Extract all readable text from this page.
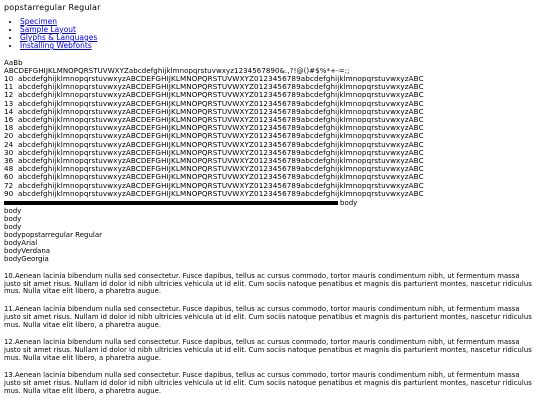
popstarregular Regular
• Specimen
• Sample Layout
• Glyphs & Languages
• Installing Webfonts
AaBb
ABCDEFGHIJKLMNOPQRSTUVWXYZabcdefghijklmnopqrstuvwxyz1234567890&.,?!@()#$%*+-=:;
10 abcdefghijklmnopqrstuvwxyzABCDEFGHIJKLMNOPQRSTUVWXYZ0123456789abcdefghijklmnopqrstuvwxyzABC
11 abcdefghijklmnopqrstuvwxyzABCDEFGHIJKLMNOPQRSTUVWXYZ0123456789abcdefghijklmnopqrstuvwxyzABC
12 abcdefghijklmnopqrstuvwxyzABCDEFGHIJKLMNOPQRSTUVWXYZ0123456789abcdefghijklmnopqrstuvwxyzABC
13 abcdefghijklmnopqrstuvwxyzABCDEFGHIJKLMNOPQRSTUVWXYZ0123456789abcdefghijklmnopqrstuvwxyzABC
14 abcdefghijklmnopqrstuvwxyzABCDEFGHIJKLMNOPQRSTUVWXYZ0123456789abcdefghijklmnopqrstuvwxyzABC
16 abcdefghijklmnopqrstuvwxyzABCDEFGHIJKLMNOPQRSTUVWXYZ0123456789abcdefghijklmnopqrstuvwxyzABC
18 abcdefghijklmnopqrstuvwxyzABCDEFGHIJKLMNOPQRSTUVWXYZ0123456789abcdefghijklmnopqrstuvwxyzABC
20 abcdefghijklmnopqrstuvwxyzABCDEFGHIJKLMNOPQRSTUVWXYZ0123456789abcdefghijklmnopqrstuvwxyzABC
24 abcdefghijklmnopqrstuvwxyzABCDEFGHIJKLMNOPQRSTUVWXYZ0123456789abcdefghijklmnopqrstuvwxyzABC
30 abcdefghijklmnopqrstuvwxyzABCDEFGHIJKLMNOPQRSTUVWXYZ0123456789abcdefghijklmnopqrstuvwxyzABC
36 abcdefghijklmnopqrstuvwxyzABCDEFGHIJKLMNOPQRSTUVWXYZ0123456789abcdefghijklmnopqrstuvwxyzABC
48 abcdefghijklmnopqrstuvwxyzABCDEFGHIJKLMNOPQRSTUVWXYZ0123456789abcdefghijklmnopqrstuvwxyzABC
60 abcdefghijklmnopqrstuvwxyzABCDEFGHIJKLMNOPQRSTUVWXYZ0123456789abcdefghijklmnopqrstuvwxyzABC
72 abcdefghijklmnopqrstuvwxyzABCDEFGHIJKLMNOPQRSTUVWXYZ0123456789abcdefghijklmnopqrstuvwxyzABC
90 abcdefghijklmnopqrstuvwxyzABCDEFGHIJKLMNOPQRSTUVWXYZ0123456789abcdefghijklmnopqrstuvwxyzABC
body
body
body
body
bodypopstarregular Regular
bodyArial
bodyVerdana
bodyGeorgia
10.Aenean lacinia bibendum nulla sed consectetur. Fusce dapibus, tellus ac cursus commodo, tortor mauris condimentum nibh, ut fermentum massa justo sit amet risus. Nullam id dolor id nibh ultricies vehicula ut id elit. Cum sociis natoque penatibus et magnis dis parturient montes, nascetur ridiculus mus. Nulla vitae elit libero, a pharetra augue.
11.Aenean lacinia bibendum nulla sed consectetur. Fusce dapibus, tellus ac cursus commodo, tortor mauris condimentum nibh, ut fermentum massa justo sit amet risus. Nullam id dolor id nibh ultricies vehicula ut id elit. Cum sociis natoque penatibus et magnis dis parturient montes, nascetur ridiculus mus. Nulla vitae elit libero, a pharetra augue.
12.Aenean lacinia bibendum nulla sed consectetur. Fusce dapibus, tellus ac cursus commodo, tortor mauris condimentum nibh, ut fermentum massa justo sit amet risus. Nullam id dolor id nibh ultricies vehicula ut id elit. Cum sociis natoque penatibus et magnis dis parturient montes, nascetur ridiculus mus. Nulla vitae elit libero, a pharetra augue.
13.Aenean lacinia bibendum nulla sed consectetur. Fusce dapibus, tellus ac cursus commodo, tortor mauris condimentum nibh, ut fermentum massa justo sit amet risus. Nullam id dolor id nibh ultricies vehicula ut id elit. Cum sociis natoque penatibus et magnis dis parturient montes, nascetur ridiculus mus. Nulla vitae elit libero, a pharetra augue.
